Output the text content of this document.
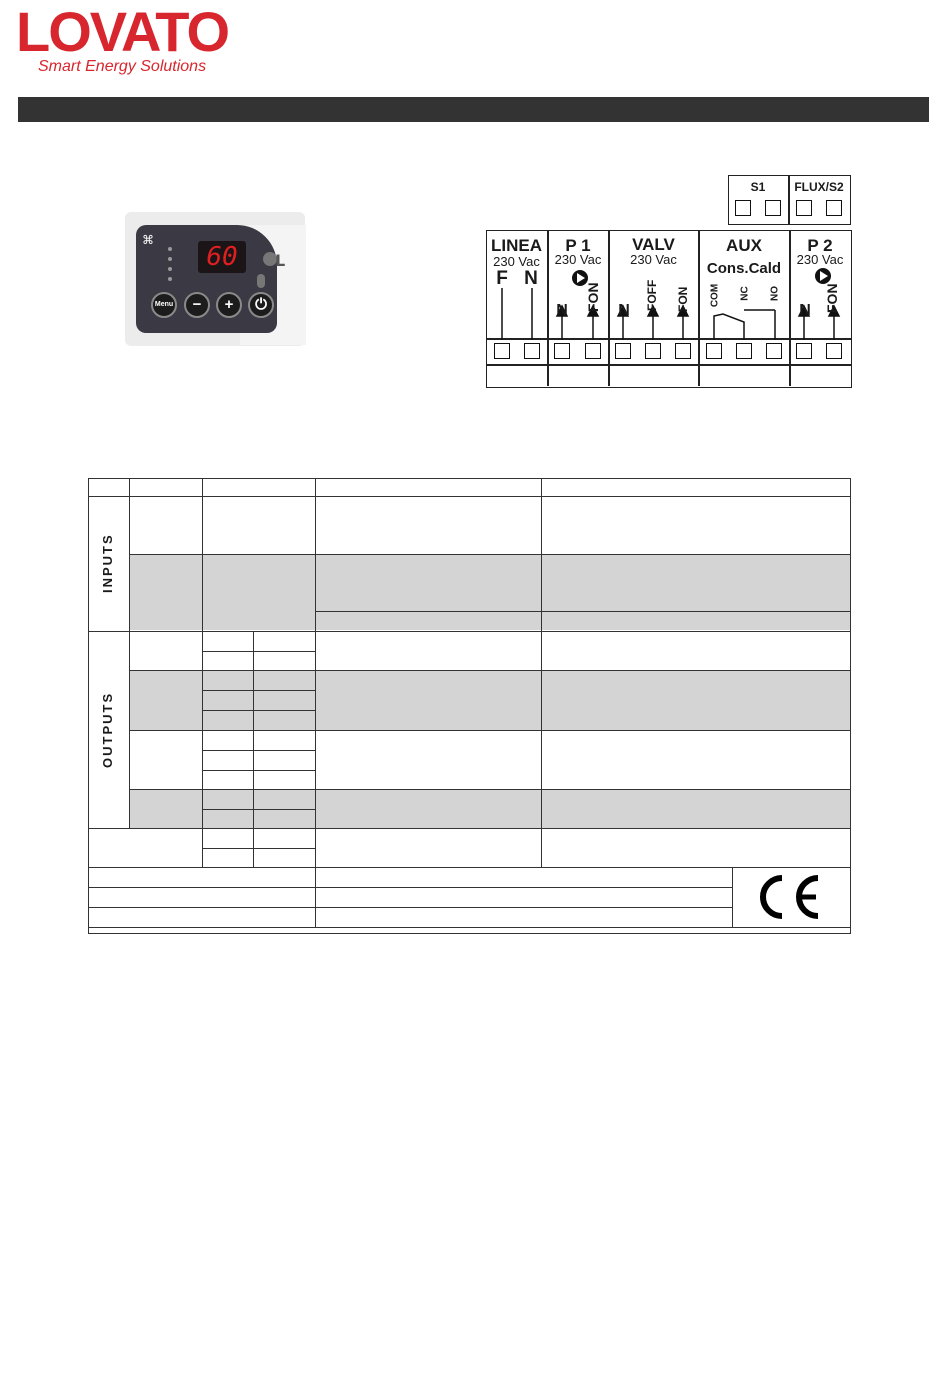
LOVATO
Smart Energy Solutions
⌘
60	L
Menu	−	+	⏻
S1	FLUX/S2
LINEA
230 Vac
P 1
230 Vac
VALV
230 Vac
AUX
Cons.Cald
P 2
230 Vac
F N
N FON N FOFF FON COM NC NO
N FON
INPUTS
OUTPUTS
